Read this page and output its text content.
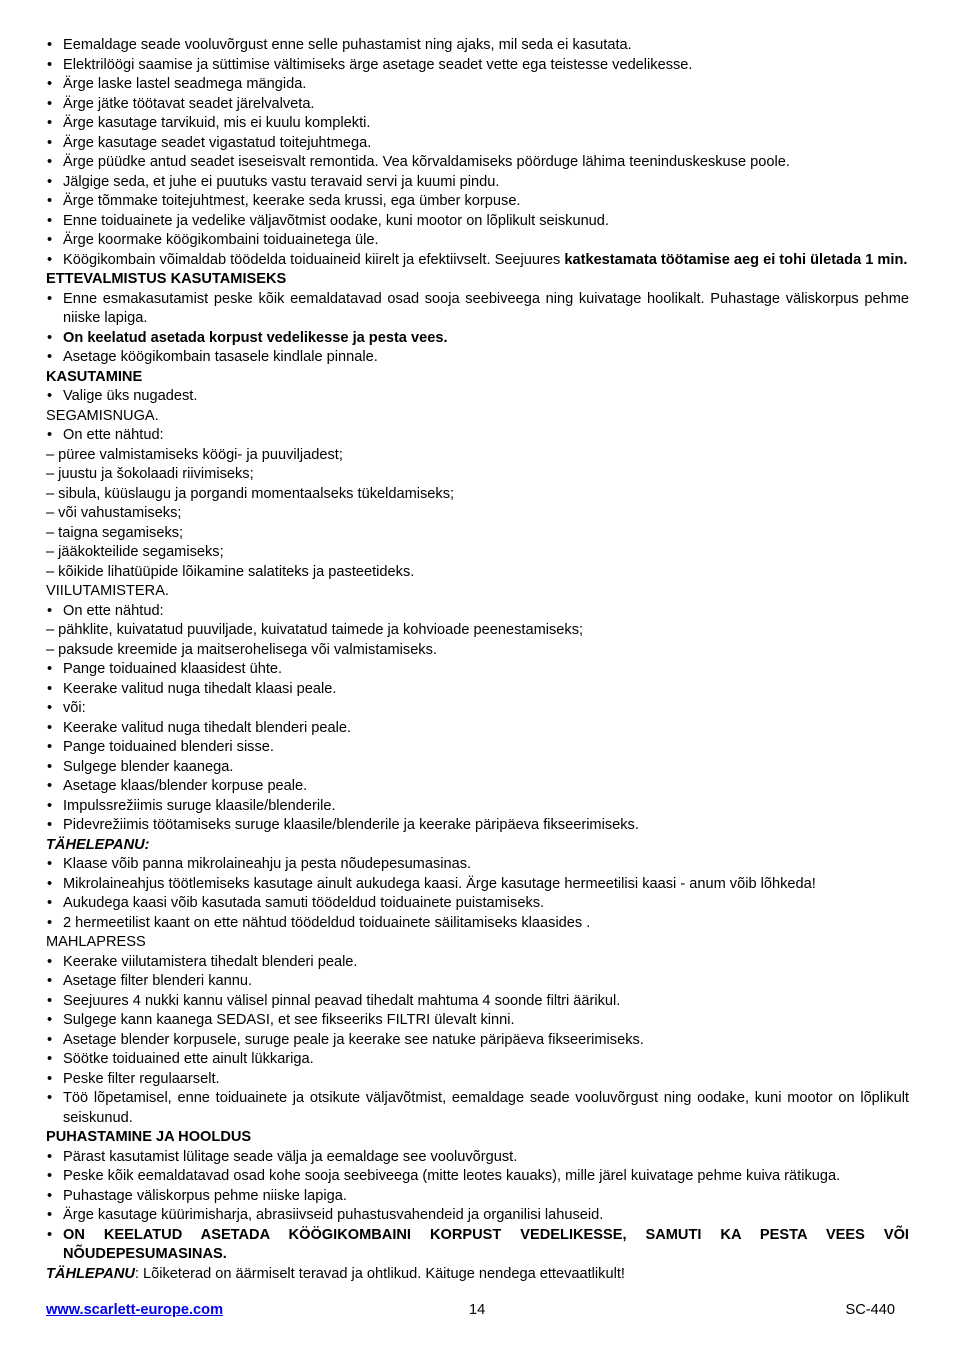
• Eemaldage seade vooluvõrgust enne selle puhastamist ning ajaks, mil seda ei kasutata.

• Elektrilöögi saamise ja süttimise vältimiseks ärge asetage seadet vette ega teistesse vedelikesse.

• Ärge laske lastel seadmega mängida.

• Ärge jätke töötavat seadet järelvalveta.

• Ärge kasutage tarvikuid, mis ei kuulu komplekti.

• Ärge kasutage seadet vigastatud toitejuhtmega.

• Ärge püüdke antud seadet iseseisvalt remontida. Vea kõrvaldamiseks pöörduge lähima teeninduskeskuse poole.

• Jälgige seda, et juhe ei puutuks vastu teravaid servi ja kuumi pindu.

• Ärge tõmmake toitejuhtmest, keerake seda krussi, ega ümber korpuse.

• Enne toiduainete ja vedelike väljavõtmist oodake, kuni mootor on lõplikult seiskunud.

• Ärge koormake köögikombaini toiduainetega üle.

• Köögikombain võimaldab töödelda toiduaineid kiirelt ja efektiivselt. Seejuures katkestamata töötamise aeg ei tohi ületada 1 min.

ETTEVALMISTUS KASUTAMISEKS

• Enne esmakasutamist peske kõik eemaldatavad osad sooja seebiveega ning kuivatage hoolikalt. Puhastage väliskorpus pehme niiske lapiga.

• On keelatud asetada korpust vedelikesse ja pesta vees.

• Asetage köögikombain tasasele kindlale pinnale.

KASUTAMINE

• Valige üks nugadest.

SEGAMISNUGA.

• On ette nähtud:

– püree valmistamiseks köögi- ja puuviljadest;

– juustu ja šokolaadi riivimiseks;

– sibula, küüslaugu ja porgandi momentaalseks tükeldamiseks;

– või vahustamiseks;

– taigna segamiseks;

– jääkokteilide segamiseks;

– kõikide lihatüüpide lõikamine salatiteks ja pasteetideks.

VIILUTAMISTERA.

• On ette nähtud:

– pähklite, kuivatatud puuviljade, kuivatatud taimede ja kohvioade peenestamiseks;

– paksude kreemide ja maitserohelisega või valmistamiseks.

• Pange toiduained klaasidest ühte.

• Keerake valitud nuga tihedalt klaasi peale.

• või:

• Keerake valitud nuga tihedalt blenderi peale.

• Pange toiduained blenderi sisse.

• Sulgege blender kaanega.

• Asetage klaas/blender korpuse peale.

• Impulssrežiimis suruge klaasile/blenderile.

• Pidevrežiimis töötamiseks suruge klaasile/blenderile ja keerake päripäeva fikseerimiseks.

TÄHELEPANU:

• Klaase võib panna mikrolaineahju ja pesta nõudepesumasinas.

• Mikrolaineahjus töötlemiseks kasutage ainult aukudega kaasi. Ärge kasutage hermeetilisi kaasi - anum võib lõhkeda!

• Aukudega kaasi võib kasutada samuti töödeldud toiduainete puistamiseks.

• 2 hermeetilist kaant on ette nähtud töödeldud toiduainete säilitamiseks klaasides .

MAHLAPRESS

• Keerake viilutamistera tihedalt blenderi peale.

• Asetage filter blenderi kannu.

• Seejuures 4 nukki kannu välisel pinnal peavad tihedalt mahtuma 4 soonde filtri äärikul.

• Sulgege kann kaanega SEDASI, et see fikseeriks FILTRI ülevalt kinni.

• Asetage blender korpusele, suruge peale ja keerake see natuke päripäeva fikseerimiseks.

• Söötke toiduained ette ainult lükkariga.

• Peske filter regulaarselt.

• Töö lõpetamisel, enne toiduainete ja otsikute väljavõtmist, eemaldage seade vooluvõrgust ning oodake, kuni mootor on lõplikult seiskunud.

PUHASTAMINE JA HOOLDUS

• Pärast kasutamist lülitage seade välja ja eemaldage see vooluvõrgust.

• Peske kõik eemaldatavad osad kohe sooja seebiveega (mitte leotes kauaks), mille järel kuivatage pehme kuiva rätikuga.

• Puhastage väliskorpus pehme niiske lapiga.

• Ärge kasutage küürimisharja, abrasiivseid puhastusvahendeid ja organilisi lahuseid.

• ON KEELATUD ASETADA KÖÖGIKOMBAINI KORPUST VEDELIKESSE, SAMUTI KA PESTA VEES VÕI NÕUDEPESUMASINAS.

TÄHLEPANU: Lõiketerad on äärmiselt teravad ja ohtlikud. Käituge nendega ettevaatlikult!

www.scarlett-europe.com	14	SC-440
